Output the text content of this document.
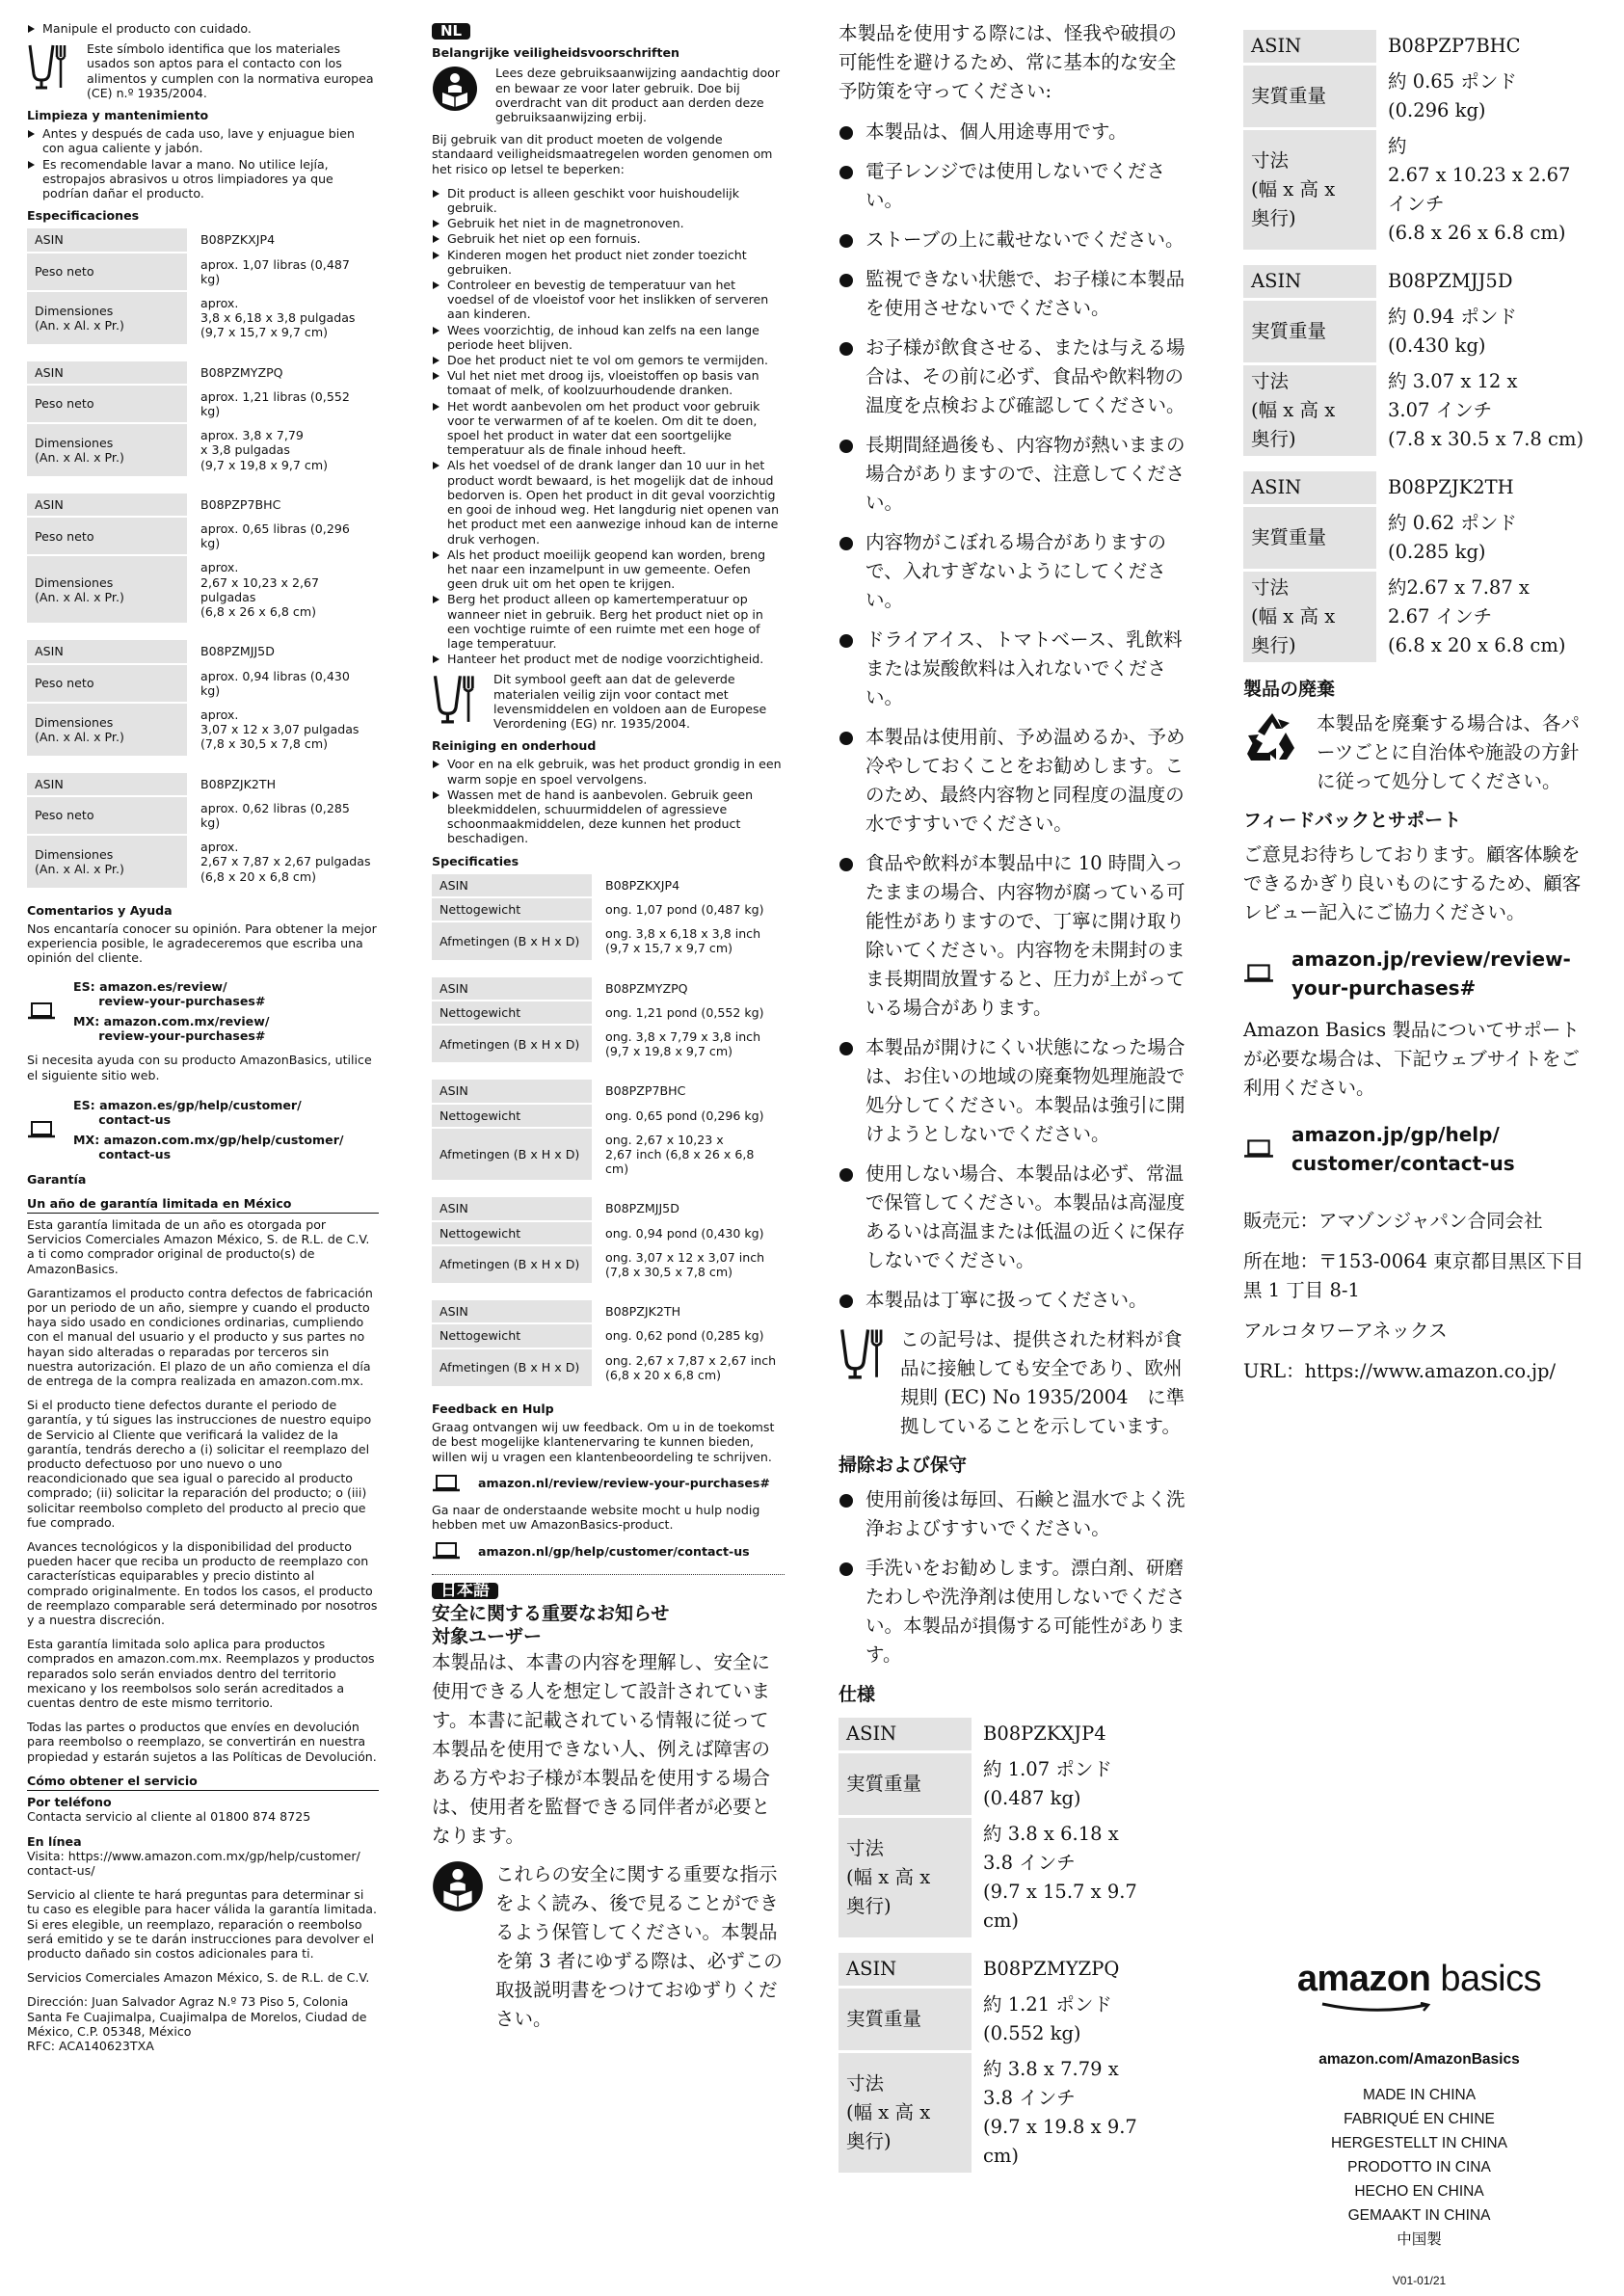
Manipule el producto con cuidado.
Este símbolo identifica que los materiales usados son aptos para el contacto con los alimentos y cumplen con la normativa europea (CE) n.º 1935/2004.
Limpieza y mantenimiento
Antes y después de cada uso, lave y enjuague bien con agua caliente y jabón.
Es recomendable lavar a mano. No utilice lejía, estropajos abrasivos u otros limpiadores ya que podrían dañar el producto.
Especificaciones
ASIN	B08PZKXJP4
Peso neto	aprox. 1,07 libras (0,487 kg)
Dimensiones
(An. x Al. x Pr.)	aprox.
3,8 x 6,18 x 3,8 pulgadas
(9,7 x 15,7 x 9,7 cm)
ASIN	B08PZMYZPQ
Peso neto	aprox. 1,21 libras (0,552 kg)
Dimensiones
(An. x Al. x Pr.)	aprox. 3,8 x 7,79
x 3,8 pulgadas
(9,7 x 19,8 x 9,7 cm)
ASIN	B08PZP7BHC
Peso neto	aprox. 0,65 libras (0,296 kg)
Dimensiones
(An. x Al. x Pr.)	aprox.
2,67 x 10,23 x 2,67 pulgadas
(6,8 x 26 x 6,8 cm)
ASIN	B08PZMJJ5D
Peso neto	aprox. 0,94 libras (0,430 kg)
Dimensiones
(An. x Al. x Pr.)	aprox.
3,07 x 12 x 3,07 pulgadas
(7,8 x 30,5 x 7,8 cm)
ASIN	B08PZJK2TH
Peso neto	aprox. 0,62 libras (0,285 kg)
Dimensiones
(An. x Al. x Pr.)	aprox.
2,67 x 7,87 x 2,67 pulgadas
(6,8 x 20 x 6,8 cm)
Comentarios y Ayuda

Nos encantaría conocer su opinión. Para obtener la mejor experiencia posible, le agradeceremos que escriba una opinión del cliente.

ES: amazon.es/review/
review-your-purchases#
MX: amazon.com.mx/review/
review-your-purchases#

Si necesita ayuda con su producto AmazonBasics, utilice el siguiente sitio web.

ES: amazon.es/gp/help/customer/
contact-us
MX: amazon.com.mx/gp/help/customer/
contact-us
Garantía
Un año de garantía limitada en México

Esta garantía limitada de un año es otorgada por Servicios Comerciales Amazon México, S. de R.L. de C.V. a ti como comprador original de producto(s) de AmazonBasics.

Garantizamos el producto contra defectos de fabricación por un periodo de un año, siempre y cuando el producto haya sido usado en condiciones ordinarias, cumpliendo con el manual del usuario y el producto y sus partes no hayan sido alteradas o reparadas por terceros sin nuestra autorización. El plazo de un año comienza el día de entrega de la compra realizada en amazon.com.mx.

Si el producto tiene defectos durante el periodo de garantía, y tú sigues las instrucciones de nuestro equipo de Servicio al Cliente que verificará la validez de la garantía, tendrás derecho a (i) solicitar el reemplazo del producto defectuoso por uno nuevo o uno reacondicionado que sea igual o parecido al producto comprado; (ii) solicitar la reparación del producto; o (iii) solicitar reembolso completo del producto al precio que fue comprado.

Avances tecnológicos y la disponibilidad del producto pueden hacer que reciba un producto de reemplazo con características equiparables y precio distinto al comprado originalmente. En todos los casos, el producto de reemplazo comparable será determinado por nosotros y a nuestra discreción.

Esta garantía limitada solo aplica para productos comprados en amazon.com.mx. Reemplazos y productos reparados solo serán enviados dentro del territorio mexicano y los reembolsos solo serán acreditados a cuentas dentro de este mismo territorio.

Todas las partes o productos que envíes en devolución para reembolso o reemplazo, se convertirán en nuestra propiedad y estarán sujetos a las Políticas de Devolución.

Cómo obtener el servicio
Por teléfono

Contacta servicio al cliente al 01800 874 8725

En línea

Visita: https://www.amazon.com.mx/gp/help/customer/
contact-us/

Servicio al cliente te hará preguntas para determinar si tu caso es elegible para hacer válida la garantía limitada. Si eres elegible, un reemplazo, reparación o reembolso será emitido y se te darán instrucciones para devolver el producto dañado sin costos adicionales para ti.

Servicios Comerciales Amazon México, S. de R.L. de C.V.

Dirección: Juan Salvador Agraz N.º 73 Piso 5, Colonia Santa Fe Cuajimalpa, Cuajimalpa de Morelos, Ciudad de México, C.P. 05348, México
RFC: ACA140623TXA

NL
Belangrijke veiligheidsvoorschriften
Lees deze gebruiksaanwijzing aandachtig door en bewaar ze voor later gebruik. Doe bij overdracht van dit product aan derden deze gebruiksaanwijzing erbij.

Bij gebruik van dit product moeten de volgende standaard veiligheidsmaatregelen worden genomen om het risico op letsel te beperken:

Dit product is alleen geschikt voor huishoudelijk gebruik.
Gebruik het niet in de magnetronoven.
Gebruik het niet op een fornuis.
Kinderen mogen het product niet zonder toezicht gebruiken.
Controleer en bevestig de temperatuur van het voedsel of de vloeistof voor het inslikken of serveren aan kinderen.
Wees voorzichtig, de inhoud kan zelfs na een lange periode heet blijven.
Doe het product niet te vol om gemors te vermijden.
Vul het niet met droog ijs, vloeistoffen op basis van tomaat of melk, of koolzuurhoudende dranken.
Het wordt aanbevolen om het product voor gebruik voor te verwarmen of af te koelen. Om dit te doen, spoel het product in water dat een soortgelijke temperatuur als de finale inhoud heeft.
Als het voedsel of de drank langer dan 10 uur in het product wordt bewaard, is het mogelijk dat de inhoud bedorven is. Open het product in dit geval voorzichtig en gooi de inhoud weg. Het langdurig niet openen van het product met een aanwezige inhoud kan de interne druk verhogen.
Als het product moeilijk geopend kan worden, breng het naar een inzamelpunt in uw gemeente. Oefen geen druk uit om het open te krijgen.
Berg het product alleen op kamertemperatuur op wanneer niet in gebruik. Berg het product niet op in een vochtige ruimte of een ruimte met een hoge of lage temperatuur.
Hanteer het product met de nodige voorzichtigheid.
Dit symbool geeft aan dat de geleverde materialen veilig zijn voor contact met levensmiddelen en voldoen aan de Europese Verordening (EG) nr. 1935/2004.
Reiniging en onderhoud
Voor en na elk gebruik, was het product grondig in een warm sopje en spoel vervolgens.
Wassen met de hand is aanbevolen. Gebruik geen bleekmiddelen, schuurmiddelen of agressieve schoonmaakmiddelen, deze kunnen het product beschadigen.
Specificaties
ASIN	B08PZKXJP4
Nettogewicht	ong. 1,07 pond (0,487 kg)
Afmetingen (B x H x D)	ong. 3,8 x 6,18 x 3,8 inch
(9,7 x 15,7 x 9,7 cm)
ASIN	B08PZMYZPQ
Nettogewicht	ong. 1,21 pond (0,552 kg)
Afmetingen (B x H x D)	ong. 3,8 x 7,79 x 3,8 inch
(9,7 x 19,8 x 9,7 cm)
ASIN	B08PZP7BHC
Nettogewicht	ong. 0,65 pond (0,296 kg)
Afmetingen (B x H x D)	ong. 2,67 x 10,23 x
2,67 inch (6,8 x 26 x 6,8 cm)
ASIN	B08PZMJJ5D
Nettogewicht	ong. 0,94 pond (0,430 kg)
Afmetingen (B x H x D)	ong. 3,07 x 12 x 3,07 inch
(7,8 x 30,5 x 7,8 cm)
ASIN	B08PZJK2TH
Nettogewicht	ong. 0,62 pond (0,285 kg)
Afmetingen (B x H x D)	ong. 2,67 x 7,87 x 2,67 inch
(6,8 x 20 x 6,8 cm)
Feedback en Hulp

Graag ontvangen wij uw feedback. Om u in de toekomst de best mogelijke klantenervaring te kunnen bieden, willen wij u vragen een klantenbeoordeling te schrijven.

amazon.nl/review/review-your-purchases#

Ga naar de onderstaande website mocht u hulp nodig hebben met uw AmazonBasics-product.

amazon.nl/gp/help/customer/contact-us
日本語
安全に関する重要なお知らせ
対象ユーザー

本製品は、本書の内容を理解し、安全に使用できる人を想定して設計されています。本書に記載されている情報に従って本製品を使用できない人、例えば障害のある方やお子様が本製品を使用する場合は、使用者を監督できる同伴者が必要となります。

これらの安全に関する重要な指示をよく読み、後で見ることができるよう保管してください。本製品を第 3 者にゆずる際は、必ずこの取扱説明書をつけておゆずりください。

本製品を使用する際には、怪我や破損の可能性を避けるため、常に基本的な安全予防策を守ってください:

本製品は、個人用途専用です。
電子レンジでは使用しないでください。
ストーブの上に載せないでください。
監視できない状態で、お子様に本製品を使用させないでください。
お子様が飲食させる、または与える場合は、その前に必ず、食品や飲料物の温度を点検および確認してください。
長期間経過後も、内容物が熱いままの場合がありますので、注意してください。
内容物がこぼれる場合がありますので、入れすぎないようにしてください。
ドライアイス、トマトベース、乳飲料または炭酸飲料は入れないでください。
本製品は使用前、予め温めるか、予め冷やしておくことをお勧めします。このため、最終内容物と同程度の温度の水ですすいでください。
食品や飲料が本製品中に 10 時間入ったままの場合、内容物が腐っている可能性がありますので、丁寧に開け取り除いてください。内容物を未開封のまま長期間放置すると、圧力が上がっている場合があります。
本製品が開けにくい状態になった場合は、お住いの地域の廃棄物処理施設で処分してください。本製品は強引に開けようとしないでください。
使用しない場合、本製品は必ず、常温で保管してください。本製品は高湿度あるいは高温または低温の近くに保存しないでください。
本製品は丁寧に扱ってください。
この記号は、提供された材料が食品に接触しても安全であり、欧州規則 (EC) No 1935/2004　に準拠していることを示しています。
掃除および保守
使用前後は毎回、石鹸と温水でよく洗浄およびすすいでください。
手洗いをお勧めします。漂白剤、研磨たわしや洗浄剤は使用しないでください。本製品が損傷する可能性があります。
仕様
ASIN	B08PZKXJP4
実質重量	約 1.07 ポンド
(0.487 kg)
寸法
(幅 x 高 x
奥行)	約 3.8 x 6.18 x
3.8 インチ
(9.7 x 15.7 x 9.7 cm)
ASIN	B08PZMYZPQ
実質重量	約 1.21 ポンド
(0.552 kg)
寸法
(幅 x 高 x
奥行)	約 3.8 x 7.79 x
3.8 インチ
(9.7 x 19.8 x 9.7 cm)
ASIN	B08PZP7BHC
実質重量	約 0.65 ポンド
(0.296 kg)
寸法
(幅 x 高 x
奥行)	約
2.67 x 10.23 x 2.67
インチ
(6.8 x 26 x 6.8 cm)
ASIN	B08PZMJJ5D
実質重量	約 0.94 ポンド
(0.430 kg)
寸法
(幅 x 高 x
奥行)	約 3.07 x 12 x
3.07 インチ
(7.8 x 30.5 x 7.8 cm)
ASIN	B08PZJK2TH
実質重量	約 0.62 ポンド
(0.285 kg)
寸法
(幅 x 高 x
奥行)	約2.67 x 7.87 x
2.67 インチ
(6.8 x 20 x 6.8 cm)
製品の廃棄
本製品を廃棄する場合は、各パーツごとに自治体や施設の方針に従って処分してください。
フィードバックとサポート

ご意見お待ちしております。顧客体験をできるかぎり良いものにするため、顧客レビュー記入にご協力ください。

amazon.jp/review/review-
your-purchases#

Amazon Basics 製品についてサポートが必要な場合は、下記ウェブサイトをご利用ください。

amazon.jp/gp/help/
customer/contact-us

販売元：アマゾンジャパン合同会社

所在地：〒153-0064 東京都目黒区下目黒 1 丁目 8-1

アルコタワーアネックス

URL：https://www.amazon.co.jp/

amazon basics
amazon.com/AmazonBasics
MADE IN CHINA
FABRIQUÉ EN CHINE
HERGESTELLT IN CHINA
PRODOTTO IN CINA
HECHO EN CHINA
GEMAAKT IN CHINA
中国製
V01-01/21
